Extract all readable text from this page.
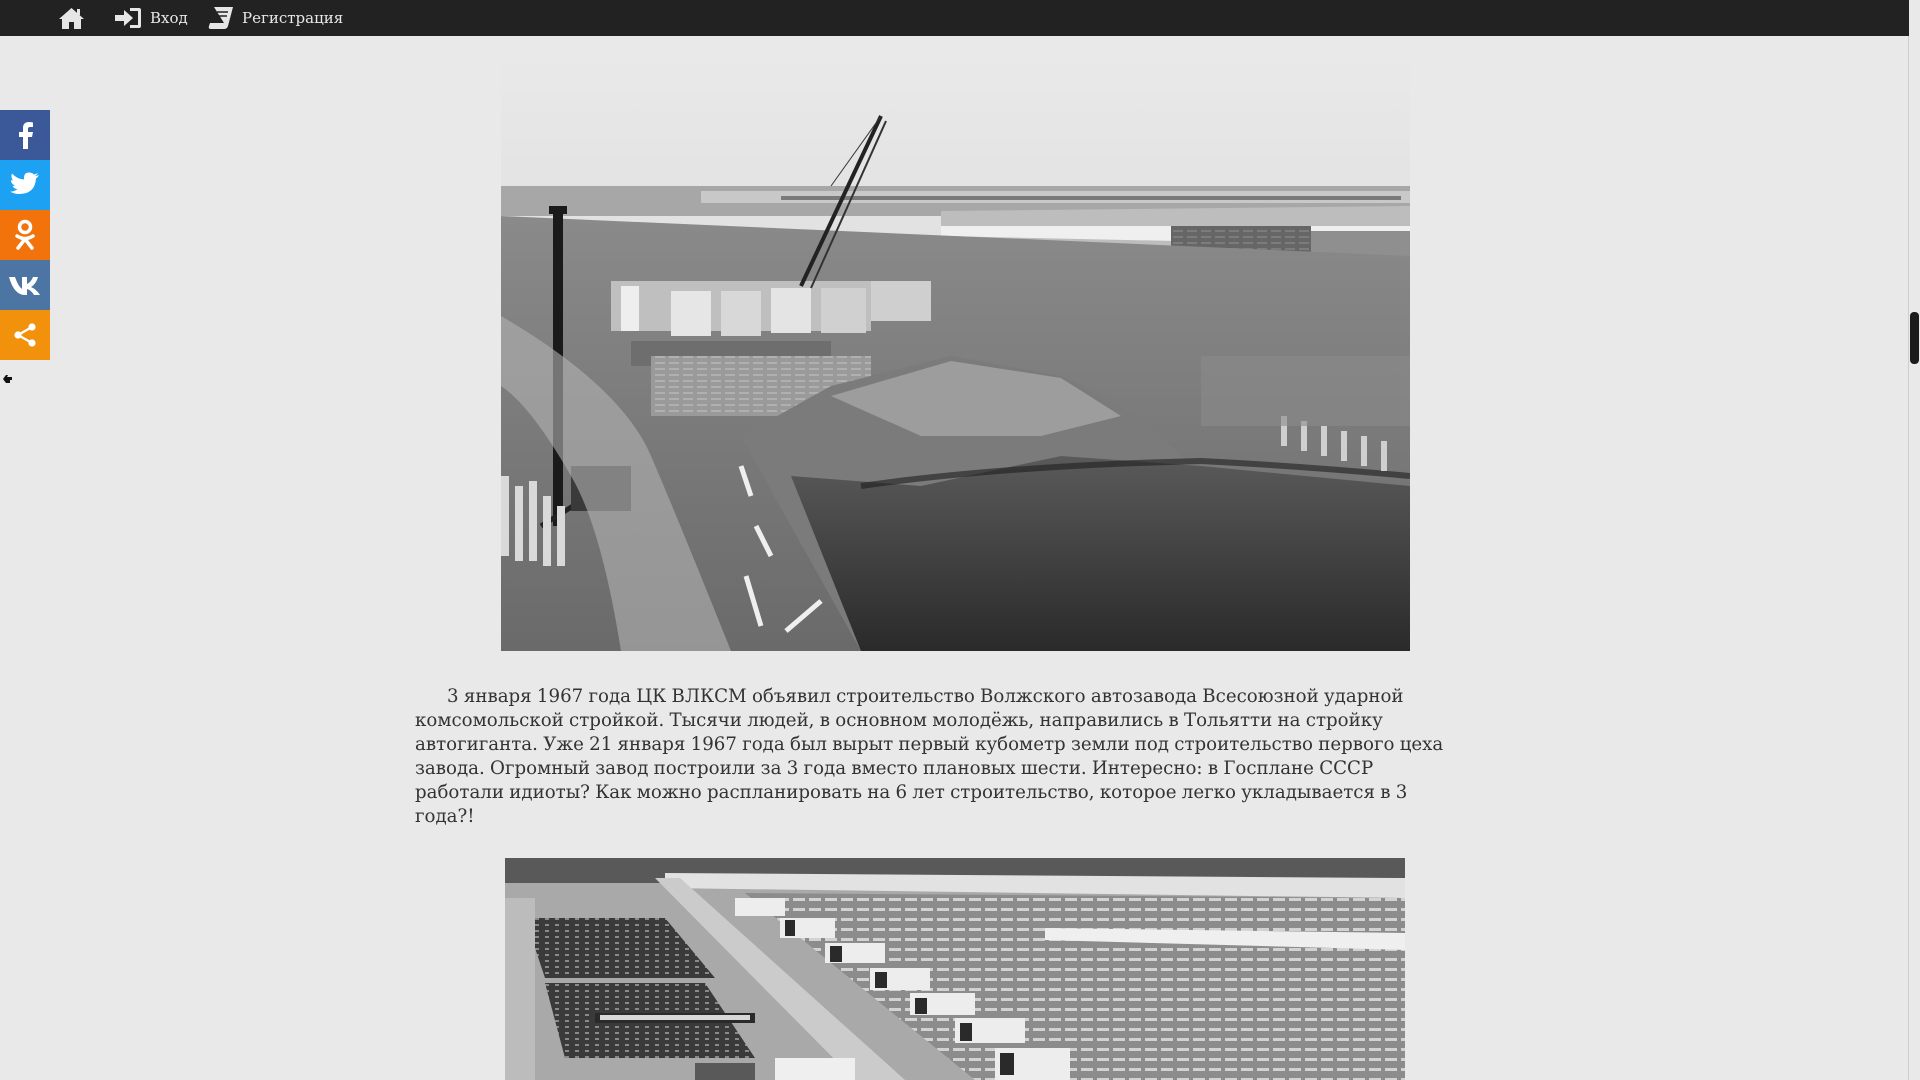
Вход	Регистрация

3 января 1967 года ЦК ВЛКСМ объявил строительство Волжского автозавода Всесоюзной ударной комсомольской стройкой. Тысячи людей, в основном молодёжь, направились в Тольятти на стройку автогиганта. Уже 21 января 1967 года был вырыт первый кубометр земли под строительство первого цеха завода. Огромный завод построили за 3 года вместо плановых шести. Интересно: в Госплане СССР работали идиоты? Как можно распланировать на 6 лет строительство, которое легко укладывается в 3 года?!
